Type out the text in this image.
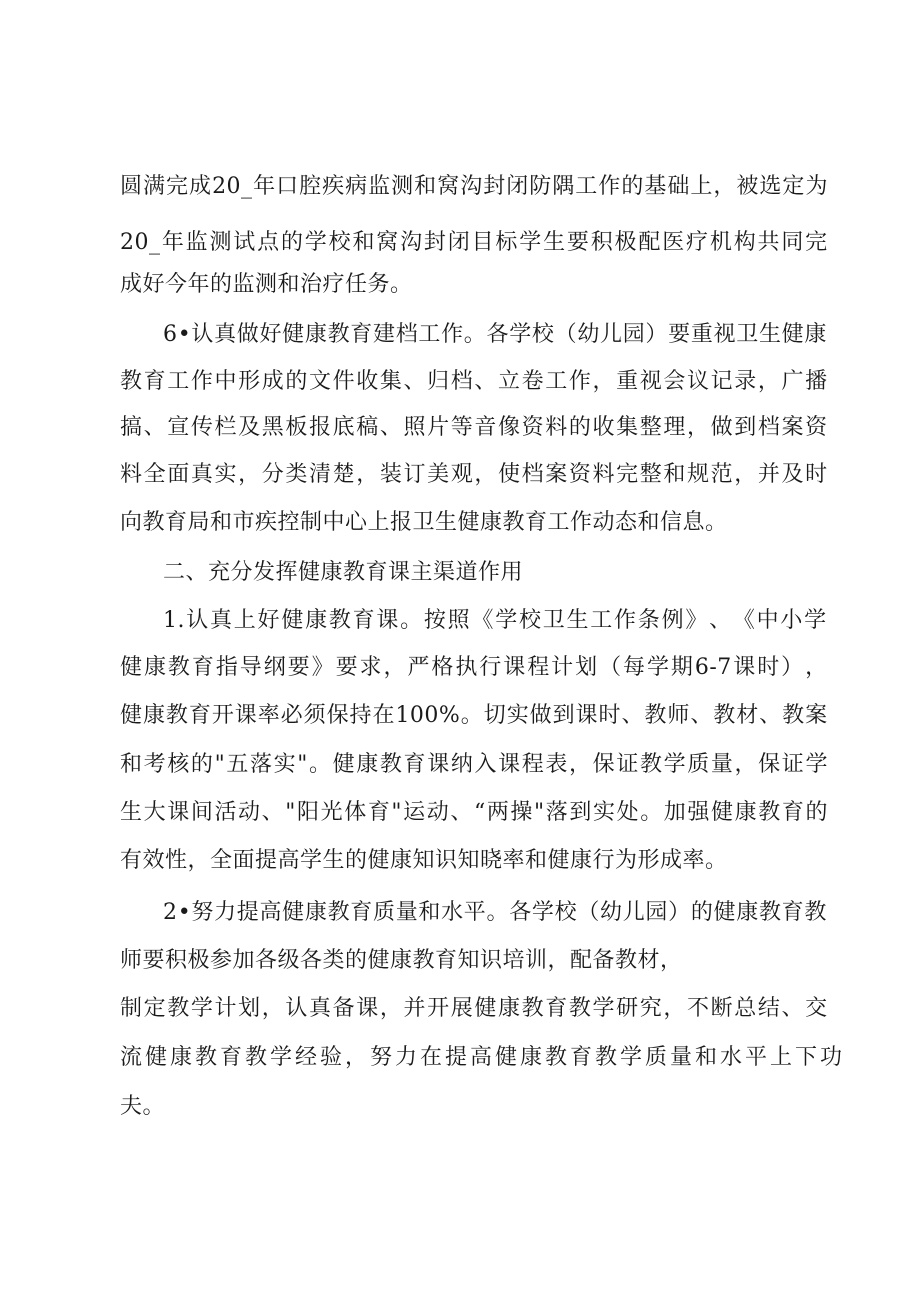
圆 满 完 成 20_ 年 口 腔 疾 病 监 测 和 窝 沟 封 闭 防 隅 工 作 的 基 础 上 ， 被 选 定 为
20_ 年 监 测 试 点 的 学 校 和 窝 沟 封 闭 目 标 学 生 要 积 极 配 医 疗 机 构 共 同 完
成好今年的监测和治疗任务。
6 • 认 真 做 好 健 康 教 育 建 档 工 作 。 各 学 校 （ 幼 儿 园 ） 要 重 视 卫 生 健 康
教 育 工 作 中 形 成 的 文 件 收 集 、 归 档 、 立 卷 工 作 ， 重 视 会 议 记 录 ， 广 播
搞 、 宣 传 栏 及 黑 板 报 底 稿 、 照 片 等 音 像 资 料 的 收 集 整 理 ， 做 到 档 案 资
料 全 面 真 实 ， 分 类 清 楚 ， 装 订 美 观 ， 使 档 案 资 料 完 整 和 规 范 ， 并 及 时
向教育局和市疾控制中心上报卫生健康教育工作动态和信息。
二、充分发挥健康教育课主渠道作用
1. 认 真 上 好 健 康 教 育 课 。 按 照 《 学 校 卫 生 工 作 条 例 》 、 《 中 小 学
健 康 教 育 指 导 纲 要 》 要 求 ， 严 格 执 行 课 程 计 划 （ 每 学 期 6-7 课 时 ） ，
健 康 教 育 开 课 率 必 须 保 持 在 100% 。 切 实 做 到 课 时 、 教 师 、 教 材 、 教 案
和 考 核 的 " 五 落 实 " 。 健 康 教 育 课 纳 入 课 程 表 ， 保 证 教 学 质 量 ， 保 证 学
生 大 课 间 活 动 、 " 阳 光 体 育 " 运 动 、 “ 两 操 " 落 到 实 处 。 加 强 健 康 教 育 的
有效性，全面提高学生的健康知识知晓率和健康行为形成率。
2 • 努 力 提 高 健 康 教 育 质 量 和 水 平 。 各 学 校 （ 幼 儿 园 ） 的 健 康 教 育 教
师要积极参加各级各类的健康教育知识培训，配备教材，
制 定 教 学 计 划 ， 认 真 备 课 ， 并 开 展 健 康 教 育 教 学 研 究 ， 不 断 总 结 、 交
流健康教育教学经验，努力在提高健康教育教学质量和水平上下功
夫。
